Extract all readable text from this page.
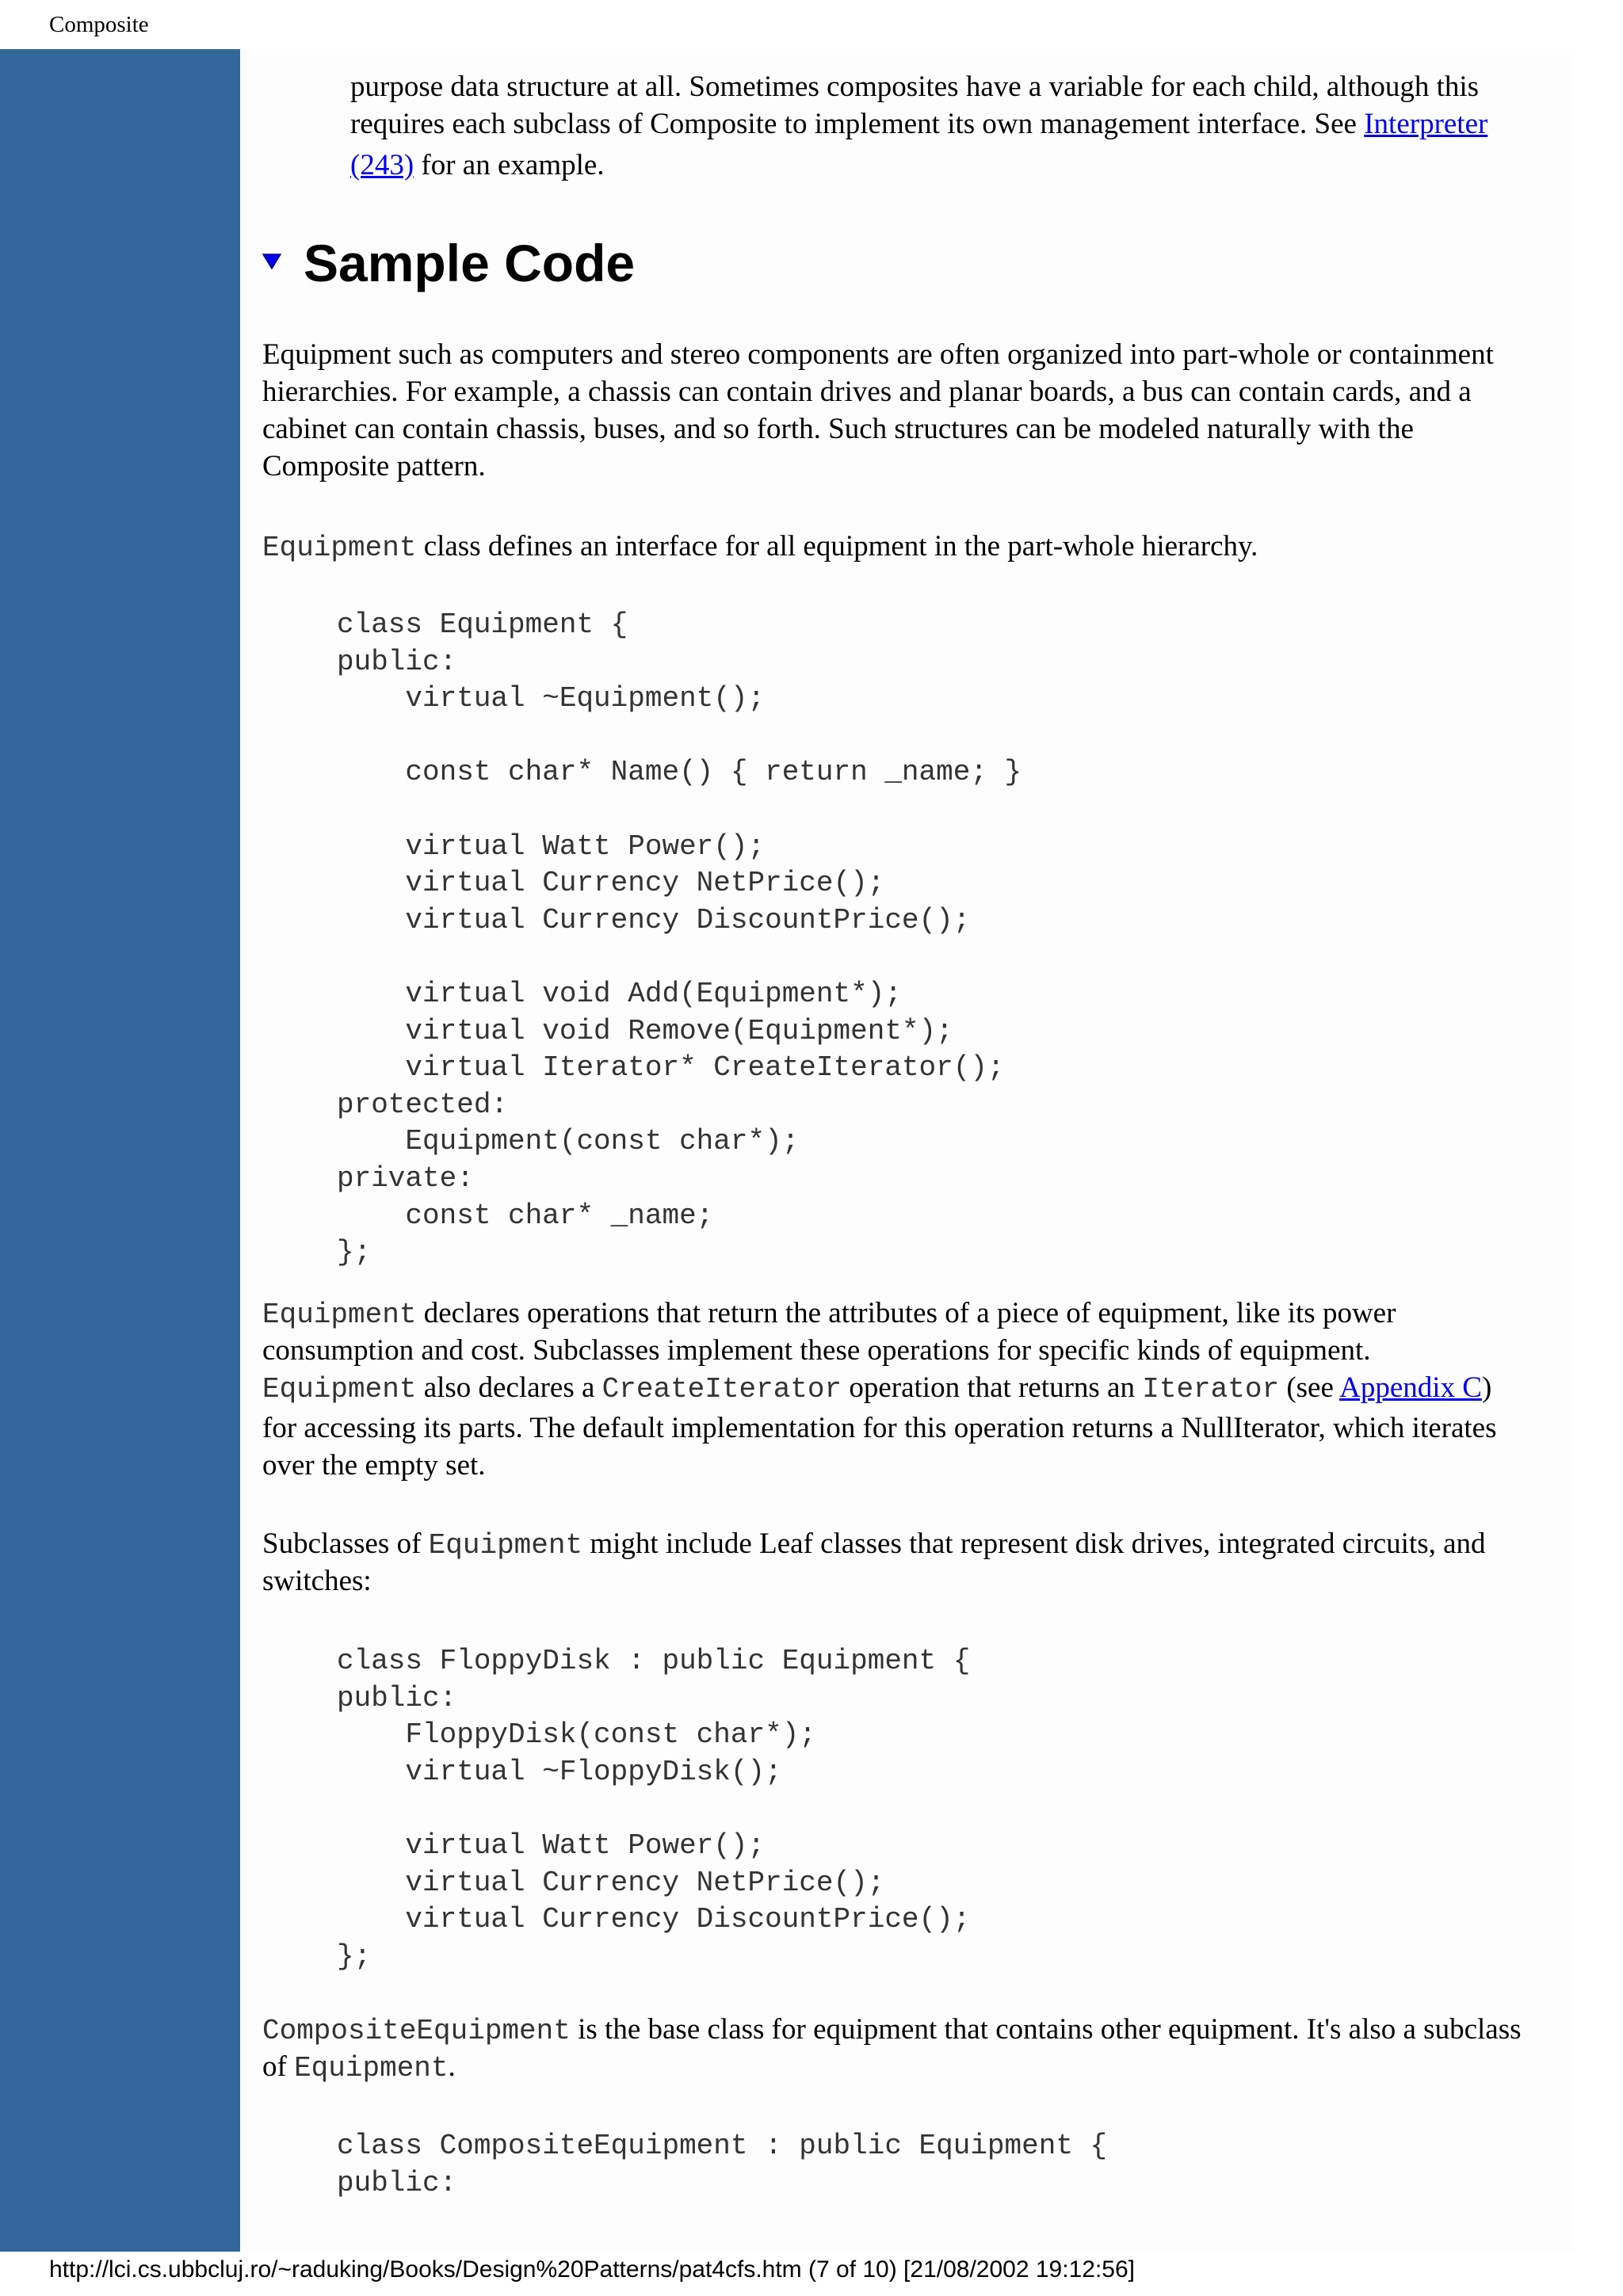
Composite
purpose data structure at all. Sometimes composites have a variable for each child, although this
requires each subclass of Composite to implement its own management interface. See Interpreter
(243) for an example.
Sample Code
Equipment such as computers and stereo components are often organized into part-whole or containment
hierarchies. For example, a chassis can contain drives and planar boards, a bus can contain cards, and a
cabinet can contain chassis, buses, and so forth. Such structures can be modeled naturally with the
Composite pattern.
Equipment class defines an interface for all equipment in the part-whole hierarchy.
class Equipment {
public:
virtual ~Equipment();

const char* Name() { return _name; }

virtual Watt Power();
virtual Currency NetPrice();
virtual Currency DiscountPrice();

virtual void Add(Equipment*);
virtual void Remove(Equipment*);
virtual Iterator* CreateIterator();
protected:
Equipment(const char*);
private:
const char* _name;
};
Equipment declares operations that return the attributes of a piece of equipment, like its power
consumption and cost. Subclasses implement these operations for specific kinds of equipment.
Equipment also declares a CreateIterator operation that returns an Iterator (see Appendix C)
for accessing its parts. The default implementation for this operation returns a NullIterator, which iterates
over the empty set.
Subclasses of Equipment might include Leaf classes that represent disk drives, integrated circuits, and
switches:
class FloppyDisk : public Equipment {
public:
FloppyDisk(const char*);
virtual ~FloppyDisk();

virtual Watt Power();
virtual Currency NetPrice();
virtual Currency DiscountPrice();
};
CompositeEquipment is the base class for equipment that contains other equipment. It's also a subclass
of Equipment.
class CompositeEquipment : public Equipment {
public:
http://lci.cs.ubbcluj.ro/~raduking/Books/Design%20Patterns/pat4cfs.htm (7 of 10) [21/08/2002 19:12:56]
